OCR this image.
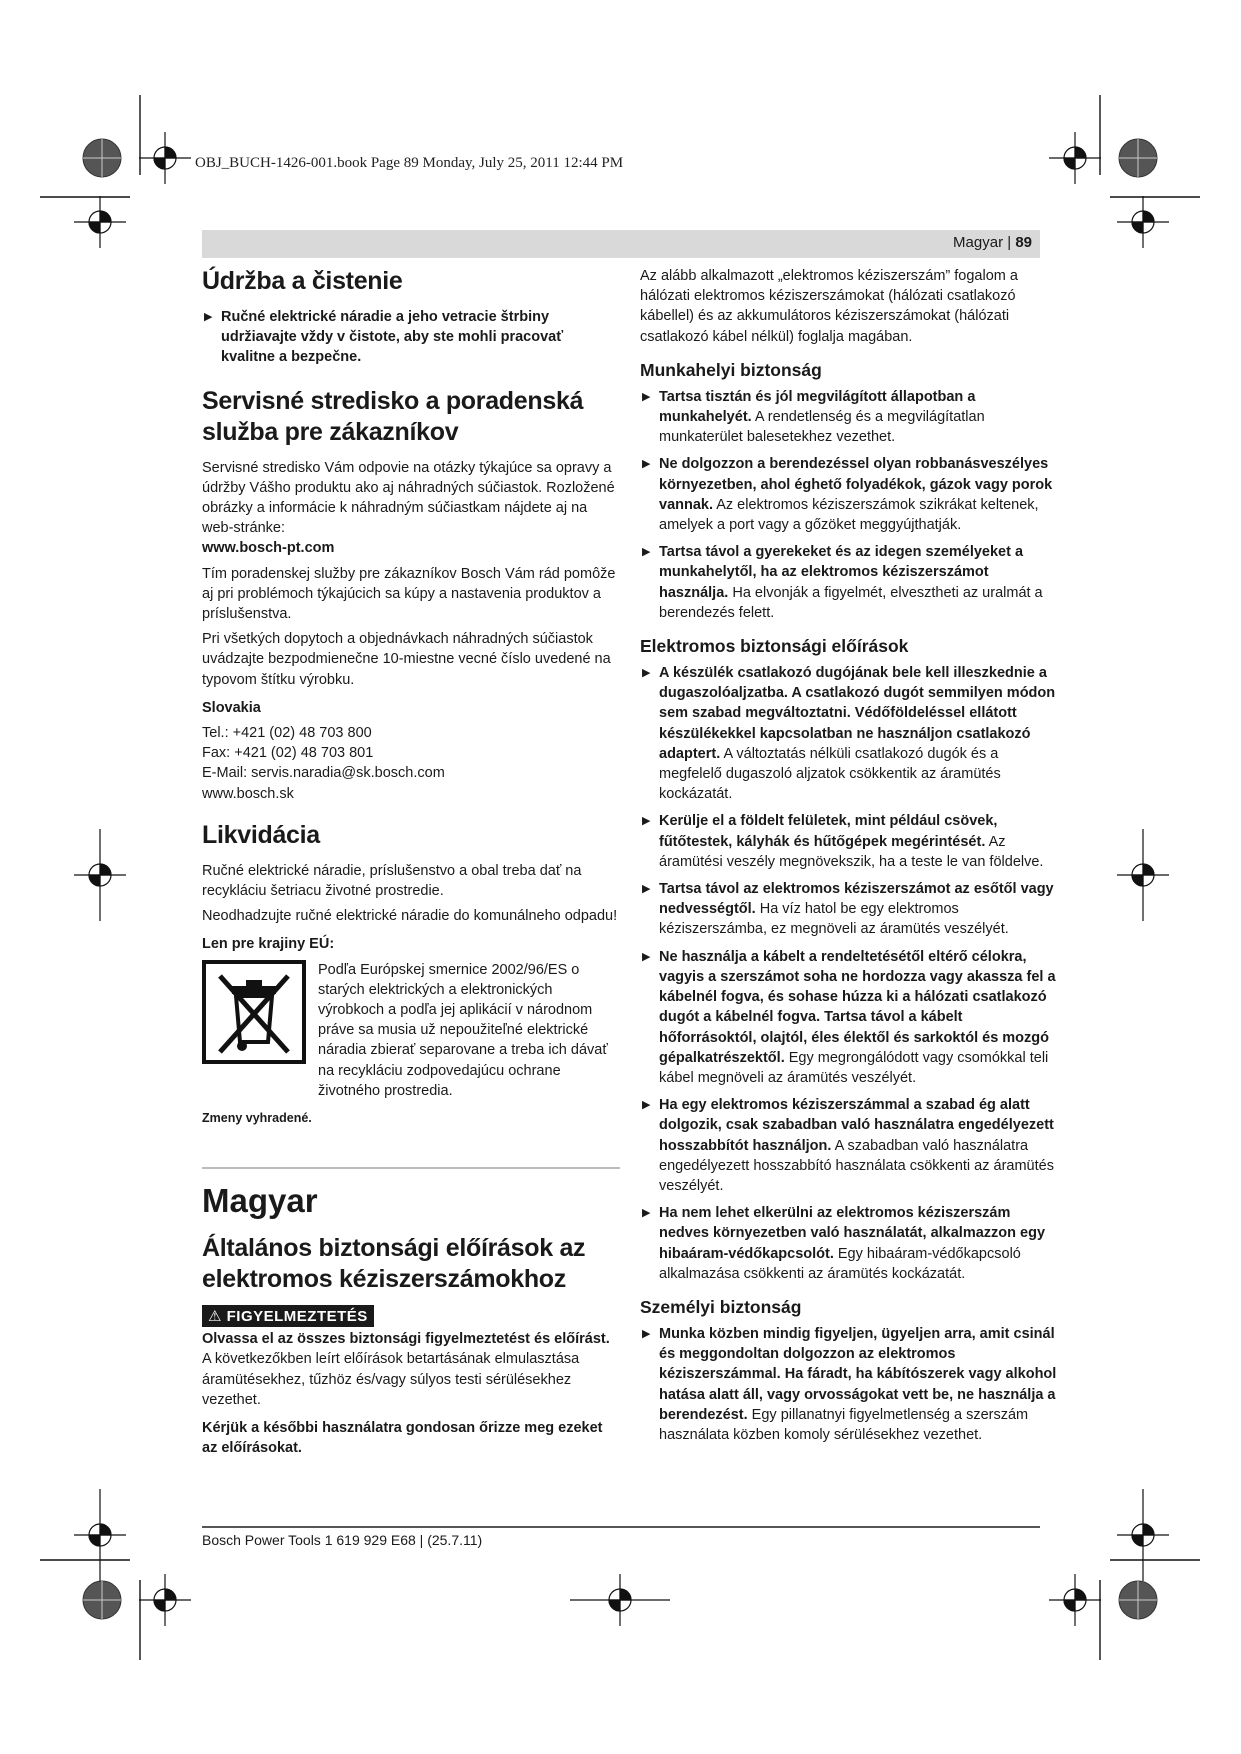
OBJ_BUCH-1426-001.book Page 89 Monday, July 25, 2011 12:44 PM
Magyar | 89
Údržba a čistenie
▶ Ručné elektrické náradie a jeho vetracie štrbiny udržiavajte vždy v čistote, aby ste mohli pracovať kvalitne a bezpečne.
Servisné stredisko a poradenská služba pre zákazníkov

Servisné stredisko Vám odpovie na otázky týkajúce sa opravy a údržby Vášho produktu ako aj náhradných súčiastok. Rozložené obrázky a informácie k náhradným súčiastkam nájdete aj na web-stránke:

www.bosch-pt.com

Tím poradenskej služby pre zákazníkov Bosch Vám rád pomôže aj pri problémoch týkajúcich sa kúpy a nastavenia produktov a príslušenstva.

Pri všetkých dopytoch a objednávkach náhradných súčiastok uvádzajte bezpodmienečne 10-miestne vecné číslo uvedené na typovom štítku výrobku.

Slovakia

Tel.: +421 (02) 48 703 800

Fax: +421 (02) 48 703 801

E-Mail: servis.naradia@sk.bosch.com

www.bosch.sk

Likvidácia

Ručné elektrické náradie, príslušenstvo a obal treba dať na recykláciu šetriacu životné prostredie.

Neodhadzujte ručné elektrické náradie do komunálneho odpadu!

Len pre krajiny EÚ:

Podľa Európskej smernice 2002/96/ES o starých elektrických a elektronických výrobkoch a podľa jej aplikácií v národnom práve sa musia už nepoužiteľné elektrické náradia zbierať separovane a treba ich dávať na recykláciu zodpovedajúcu ochrane životného prostredia.

Zmeny vyhradené.
Magyar
Általános biztonsági előírások az elektromos kéziszerszámokhoz
⚠ FIGYELMEZTETÉS

Olvassa el az összes biztonsági figyelmeztetést és előírást. A következőkben leírt előírások betartásának elmulasztása áramütésekhez, tűzhöz és/vagy súlyos testi sérülésekhez vezethet.

Kérjük a későbbi használatra gondosan őrizze meg ezeket az előírásokat.

Az alább alkalmazott „elektromos kéziszerszám” fogalom a hálózati elektromos kéziszerszámokat (hálózati csatlakozó kábellel) és az akkumulátoros kéziszerszámokat (hálózati csatlakozó kábel nélkül) foglalja magában.

Munkahelyi biztonság
▶ Tartsa tisztán és jól megvilágított állapotban a munkahelyét. A rendetlenség és a megvilágítatlan munkaterület balesetekhez vezethet.
▶ Ne dolgozzon a berendezéssel olyan robbanásveszélyes környezetben, ahol éghető folyadékok, gázok vagy porok vannak. Az elektromos kéziszerszámok szikrákat keltenek, amelyek a port vagy a gőzöket meggyújthatják.
▶ Tartsa távol a gyerekeket és az idegen személyeket a munkahelytől, ha az elektromos kéziszerszámot használja. Ha elvonják a figyelmét, elvesztheti az uralmát a berendezés felett.
Elektromos biztonsági előírások
▶ A készülék csatlakozó dugójának bele kell illeszkednie a dugaszolóaljzatba. A csatlakozó dugót semmilyen módon sem szabad megváltoztatni. Védőföldeléssel ellátott készülékekkel kapcsolatban ne használjon csatlakozó adaptert. A változtatás nélküli csatlakozó dugók és a megfelelő dugaszoló aljzatok csökkentik az áramütés kockázatát.
▶ Kerülje el a földelt felületek, mint például csövek, fűtőtestek, kályhák és hűtőgépek megérintését. Az áramütési veszély megnövekszik, ha a teste le van földelve.
▶ Tartsa távol az elektromos kéziszerszámot az esőtől vagy nedvességtől. Ha víz hatol be egy elektromos kéziszerszámba, ez megnöveli az áramütés veszélyét.
▶ Ne használja a kábelt a rendeltetésétől eltérő célokra, vagyis a szerszámot soha ne hordozza vagy akassza fel a kábelnél fogva, és sohase húzza ki a hálózati csatlakozó dugót a kábelnél fogva. Tartsa távol a kábelt hőforrásoktól, olajtól, éles élektől és sarkoktól és mozgó gépalkatrészektől. Egy megrongálódott vagy csomókkal teli kábel megnöveli az áramütés veszélyét.
▶ Ha egy elektromos kéziszerszámmal a szabad ég alatt dolgozik, csak szabadban való használatra engedélyezett hosszabbítót használjon. A szabadban való használatra engedélyezett hosszabbító használata csökkenti az áramütés veszélyét.
▶ Ha nem lehet elkerülni az elektromos kéziszerszám nedves környezetben való használatát, alkalmazzon egy hibaáram-védőkapcsolót. Egy hibaáram-védőkapcsoló alkalmazása csökkenti az áramütés kockázatát.
Személyi biztonság
▶ Munka közben mindig figyeljen, ügyeljen arra, amit csinál és meggondoltan dolgozzon az elektromos kéziszerszámmal. Ha fáradt, ha kábítószerek vagy alkohol hatása alatt áll, vagy orvosságokat vett be, ne használja a berendezést. Egy pillanatnyi figyelmetlenség a szerszám használata közben komoly sérülésekhez vezethet.
Bosch Power Tools 1 619 929 E68 | (25.7.11)
